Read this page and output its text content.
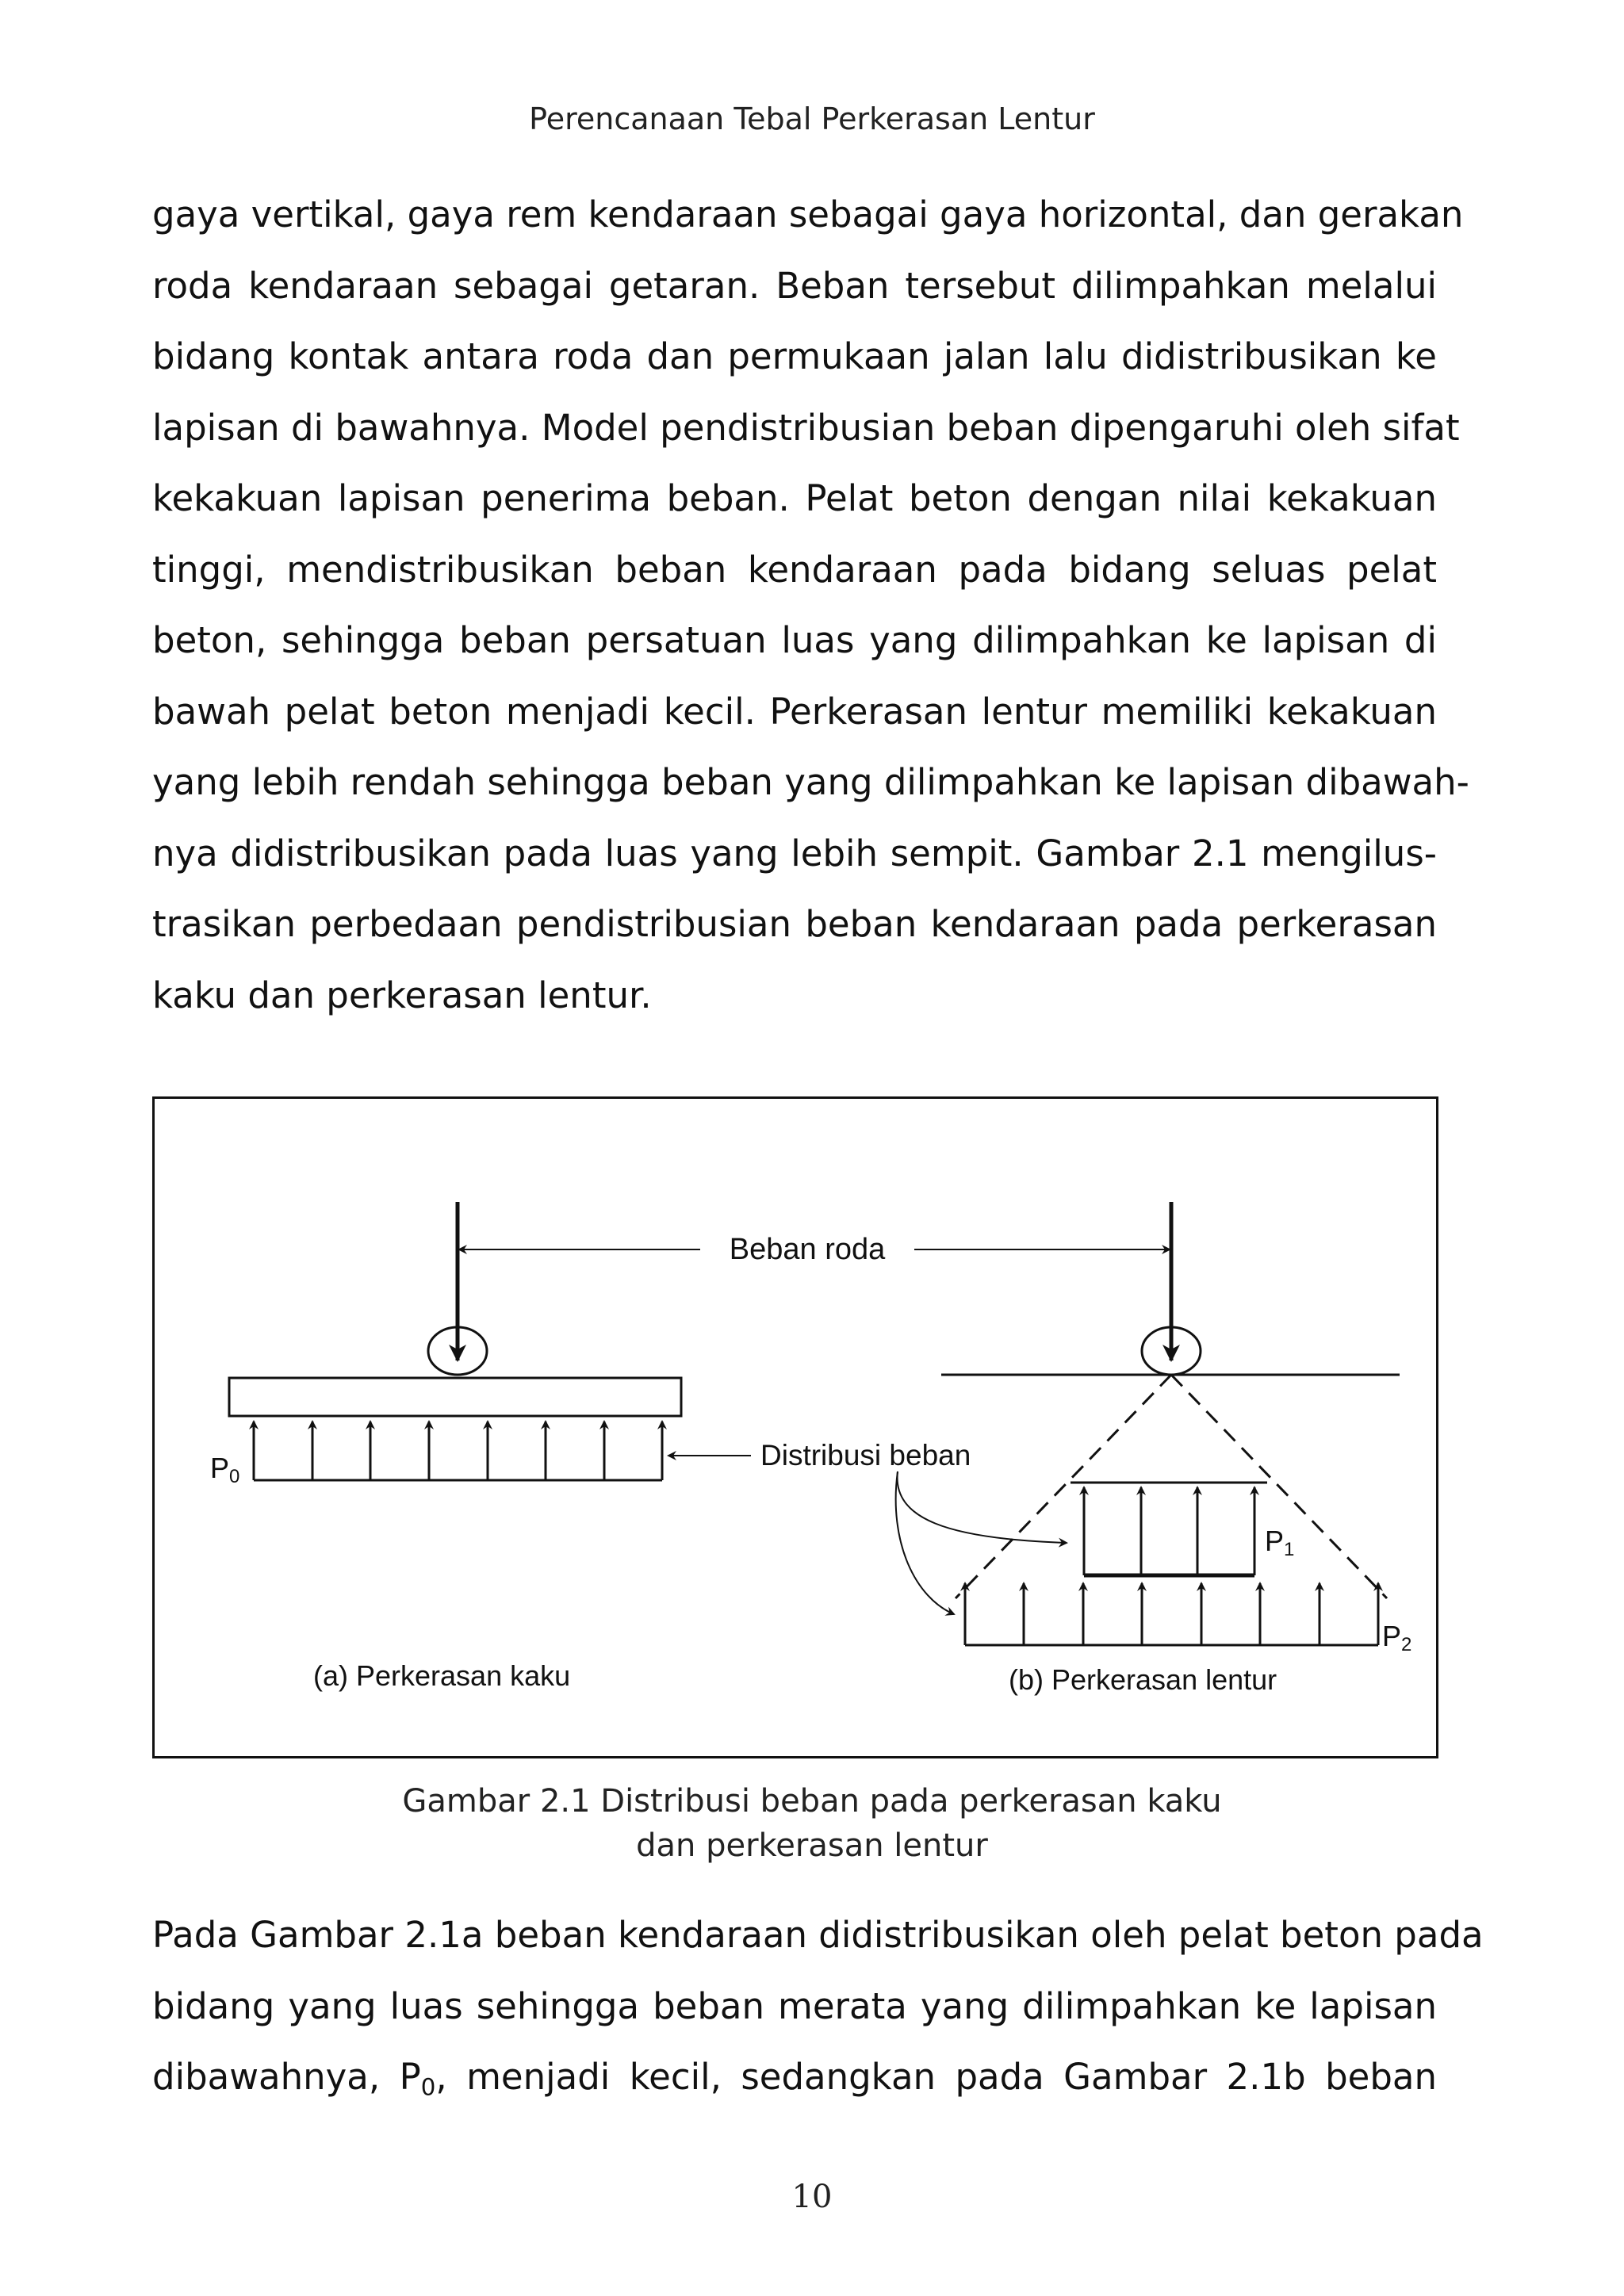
Perencanaan Tebal Perkerasan Lentur
gaya vertikal, gaya rem kendaraan sebagai gaya horizontal, dan gerakan
roda kendaraan sebagai getaran. Beban tersebut dilimpahkan melalui
bidang kontak antara roda dan permukaan jalan lalu didistribusikan ke
lapisan di bawahnya. Model pendistribusian beban dipengaruhi oleh sifat
kekakuan lapisan penerima beban. Pelat beton dengan nilai kekakuan
tinggi, mendistribusikan beban kendaraan pada bidang seluas pelat
beton, sehingga beban persatuan luas yang dilimpahkan ke lapisan di
bawah pelat beton menjadi kecil. Perkerasan lentur memiliki kekakuan
yang lebih rendah sehingga beban yang dilimpahkan ke lapisan dibawah-
nya didistribusikan pada luas yang lebih sempit. Gambar 2.1 mengilus-
trasikan perbedaan pendistribusian beban kendaraan pada perkerasan
kaku dan perkerasan lentur.
P0
(a) Perkerasan kaku
Beban roda
P1
P2
(b) Perkerasan lentur
Distribusi beban
Gambar 2.1 Distribusi beban pada perkerasan kaku
dan perkerasan lentur
Pada Gambar 2.1a beban kendaraan didistribusikan oleh pelat beton pada
bidang yang luas sehingga beban merata yang dilimpahkan ke lapisan
dibawahnya, $P_0$, menjadi kecil, sedangkan pada Gambar 2.1b beban
10
